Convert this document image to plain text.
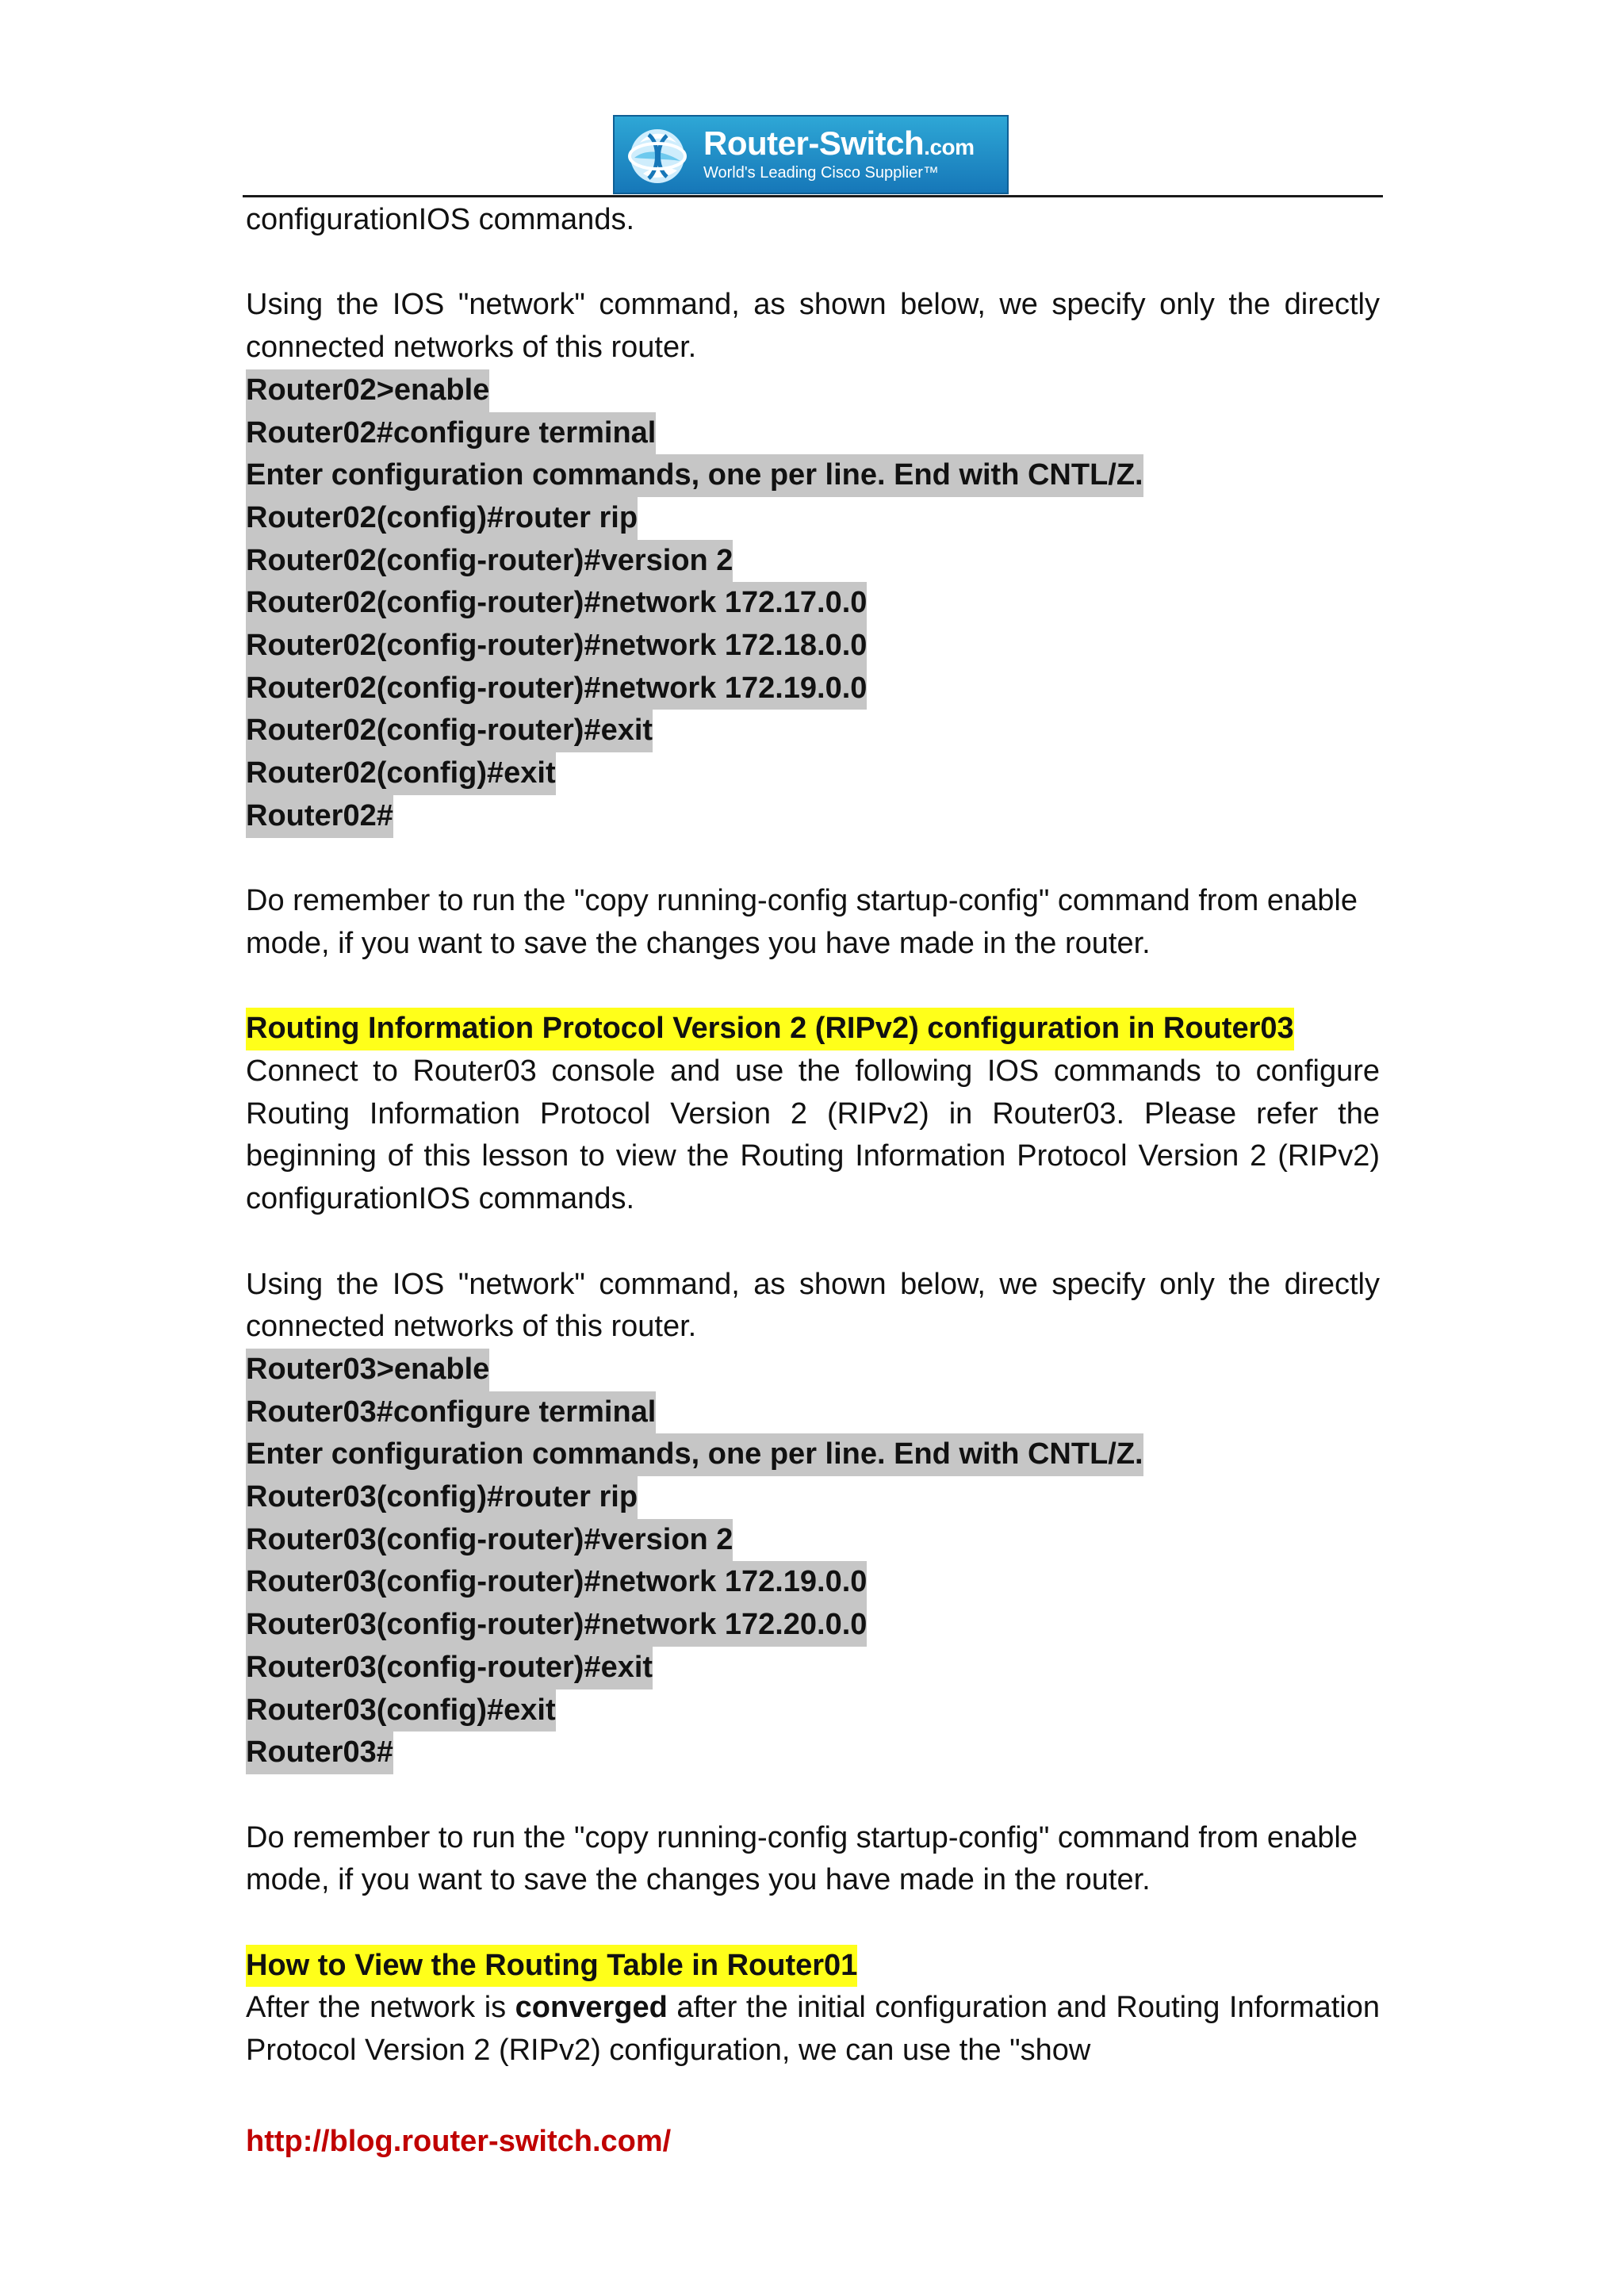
Router-Switch.com
World's Leading Cisco Supplier™

configurationIOS commands.

Using the IOS "network" command, as shown below, we specify only the directly connected networks of this router.

Router02>enable

Router02#configure terminal

Enter configuration commands, one per line. End with CNTL/Z.

Router02(config)#router rip

Router02(config-router)#version 2

Router02(config-router)#network 172.17.0.0

Router02(config-router)#network 172.18.0.0

Router02(config-router)#network 172.19.0.0

Router02(config-router)#exit

Router02(config)#exit

Router02#

Do remember to run the "copy running-config startup-config" command from enable mode, if you want to save the changes you have made in the router.

Routing Information Protocol Version 2 (RIPv2) configuration in Router03

Connect to Router03 console and use the following IOS commands to configure Routing Information Protocol Version 2 (RIPv2) in Router03. Please refer the beginning of this lesson to view the Routing Information Protocol Version 2 (RIPv2) configurationIOS commands.

Using the IOS "network" command, as shown below, we specify only the directly connected networks of this router.

Router03>enable

Router03#configure terminal

Enter configuration commands, one per line. End with CNTL/Z.

Router03(config)#router rip

Router03(config-router)#version 2

Router03(config-router)#network 172.19.0.0

Router03(config-router)#network 172.20.0.0

Router03(config-router)#exit

Router03(config)#exit

Router03#

Do remember to run the "copy running-config startup-config" command from enable mode, if you want to save the changes you have made in the router.

How to View the Routing Table in Router01

After the network is converged after the initial configuration and Routing Information Protocol Version 2 (RIPv2) configuration, we can use the "show

http://blog.router-switch.com/
